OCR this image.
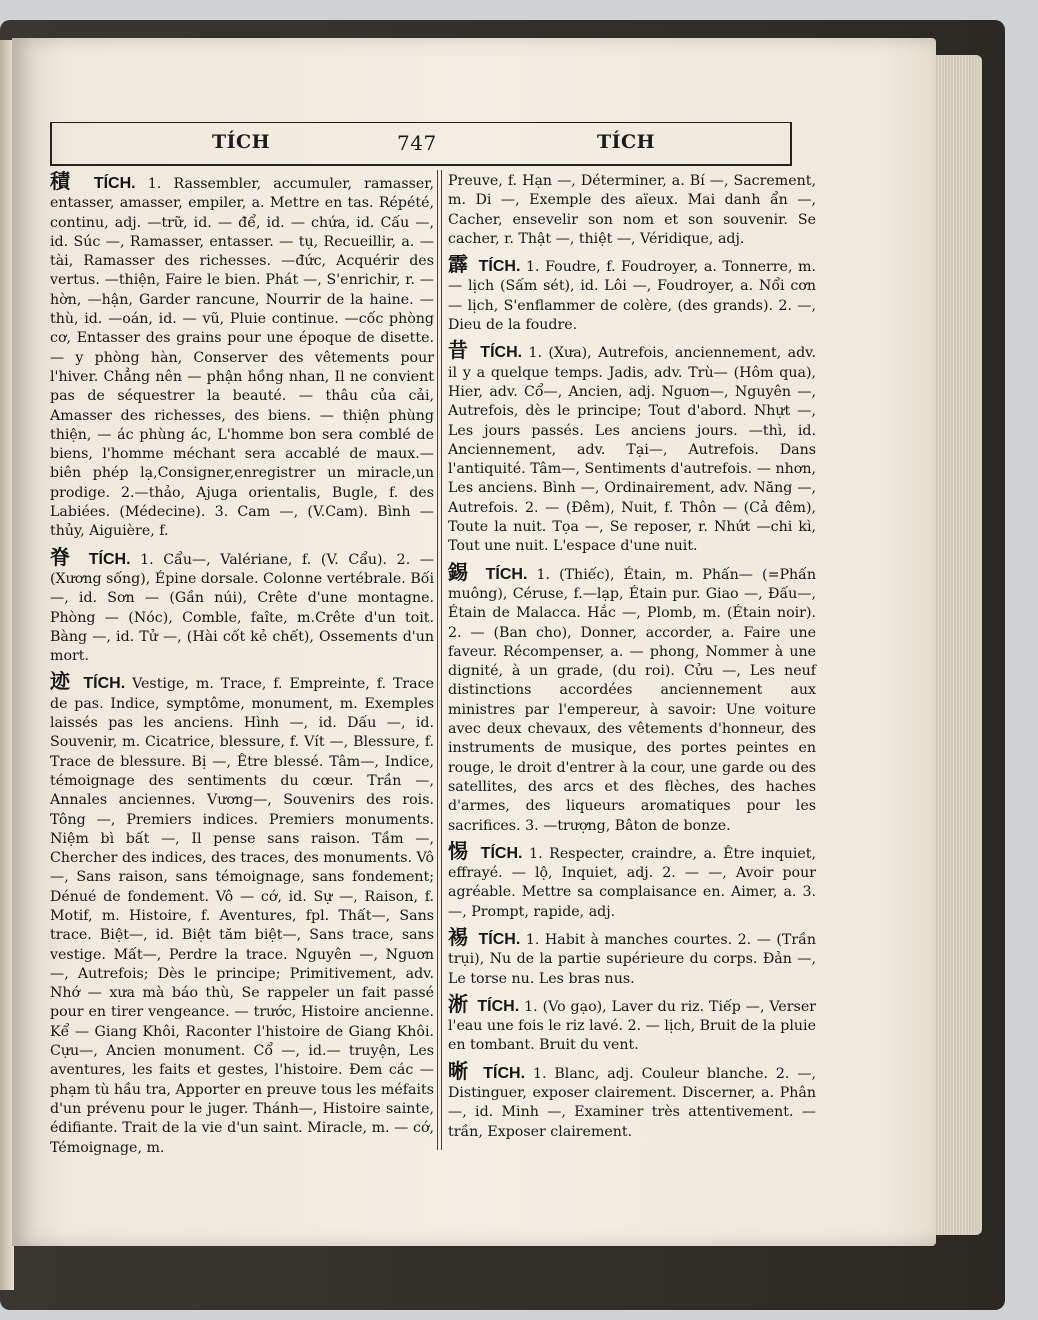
TÍCH	747	TÍCH

積 TÍCH. 1. Rassembler, accumuler, ramasser, entasser, amasser, empiler, a. Mettre en tas. Répété, continu, adj. —trữ, id. — để, id. — chứa, id. Cấu —, id. Súc —, Ramasser, entasser. — tụ, Recueillir, a. —tài, Ramasser des richesses. —đức, Acquérir des vertus. —thiện, Faire le bien. Phát —, S'enrichir, r. —hờn, —hận, Garder rancune, Nourrir de la haine. —thù, id. —oán, id. — vũ, Pluie continue. —cốc phòng cơ, Entasser des grains pour une époque de disette. — y phòng hàn, Conserver des vêtements pour l'hiver. Chẳng nên — phận hồng nhan, Il ne convient pas de séquestrer la beauté. — thâu của cải, Amasser des richesses, des biens. — thiện phùng thiện, — ác phùng ác, L'homme bon sera comblé de biens, l'homme méchant sera accablé de maux.—biên phép lạ,Consigner,enregistrer un miracle,un prodige. 2.—thảo, Ajuga orientalis, Bugle, f. des Labiées. (Médecine). 3. Cam —, (V.Cam). Bình — thủy, Aiguière, f.

脊 TÍCH. 1. Cẩu—, Valériane, f. (V. Cẩu). 2. — (Xương sống), Épine dorsale. Colonne vertébrale. Bối —, id. Sơn — (Gần núi), Crête d'une montagne. Phòng — (Nóc), Comble, faîte, m.Crête d'un toit. Bàng —, id. Tử —, (Hài cốt kẻ chết), Ossements d'un mort.

迹 TÍCH. Vestige, m. Trace, f. Empreinte, f. Trace de pas. Indice, symptôme, monument, m. Exemples laissés pas les anciens. Hình —, id. Dấu —, id. Souvenir, m. Cicatrice, blessure, f. Vít —, Blessure, f. Trace de blessure. Bị —, Être blessé. Tâm—, Indice, témoignage des sentiments du cœur. Trần —, Annales anciennes. Vương—, Souvenirs des rois. Tông —, Premiers indices. Premiers monuments. Niệm bì bất —, Il pense sans raison. Tầm —, Chercher des indices, des traces, des monuments. Vô —, Sans raison, sans témoignage, sans fondement; Dénué de fondement. Vô — cớ, id. Sự —, Raison, f. Motif, m. Histoire, f. Aventures, fpl. Thất—, Sans trace. Biệt—, id. Biệt tăm biệt—, Sans trace, sans vestige. Mất—, Perdre la trace. Nguyên —, Nguơn —, Autrefois; Dès le principe; Primitivement, adv. Nhớ — xưa mà báo thù, Se rappeler un fait passé pour en tirer vengeance. — trước, Histoire ancienne. Kể — Giang Khôi, Raconter l'histoire de Giang Khôi. Cựu—, Ancien monument. Cổ —, id.— truyện, Les aventures, les faits et gestes, l'histoire. Đem các — phạm tù hầu tra, Apporter en preuve tous les méfaits d'un prévenu pour le juger. Thánh—, Histoire sainte, édifiante. Trait de la vie d'un saint. Miracle, m. — cớ, Témoignage, m.

Preuve, f. Hạn —, Déterminer, a. Bí —, Sacrement, m. Di —, Exemple des aïeux. Mai danh ẩn —, Cacher, ensevelir son nom et son souvenir. Se cacher, r. Thật —, thiệt —, Véridique, adj.

霹 TÍCH. 1. Foudre, f. Foudroyer, a. Tonnerre, m. — lịch (Sấm sét), id. Lôi —, Foudroyer, a. Nổi cơn — lịch, S'enflammer de colère, (des grands). 2. —, Dieu de la foudre.

昔 TÍCH. 1. (Xưa), Autrefois, anciennement, adv. il y a quelque temps. Jadis, adv. Trù— (Hôm qua), Hier, adv. Cổ—, Ancien, adj. Nguơn—, Nguyên —, Autrefois, dès le principe; Tout d'abord. Nhựt —, Les jours passés. Les anciens jours. —thì, id. Anciennement, adv. Tại—, Autrefois. Dans l'antiquité. Tâm—, Sentiments d'autrefois. — nhơn, Les anciens. Bình —, Ordinairement, adv. Năng —, Autrefois. 2. — (Đêm), Nuit, f. Thôn — (Cả đêm), Toute la nuit. Tọa —, Se reposer, r. Nhứt —chi kì, Tout une nuit. L'espace d'une nuit.

錫 TÍCH. 1. (Thiếc), Étain, m. Phấn— (=Phấn muông), Céruse, f.—lạp, Étain pur. Giao —, Đấu—, Étain de Malacca. Hắc —, Plomb, m. (Étain noir). 2. — (Ban cho), Donner, accorder, a. Faire une faveur. Récompenser, a. — phong, Nommer à une dignité, à un grade, (du roi). Cửu —, Les neuf distinctions accordées anciennement aux ministres par l'empereur, à savoir: Une voiture avec deux chevaux, des vêtements d'honneur, des instruments de musique, des portes peintes en rouge, le droit d'entrer à la cour, une garde ou des satellites, des arcs et des flèches, des haches d'armes, des liqueurs aromatiques pour les sacrifices. 3. —trượng, Bâton de bonze.

惕 TÍCH. 1. Respecter, craindre, a. Être inquiet, effrayé. — lộ, Inquiet, adj. 2. — —, Avoir pour agréable. Mettre sa complaisance en. Aimer, a. 3. —, Prompt, rapide, adj.

裼 TÍCH. 1. Habit à manches courtes. 2. — (Trần trụi), Nu de la partie supérieure du corps. Đản —, Le torse nu. Les bras nus.

淅 TÍCH. 1. (Vo gạo), Laver du riz. Tiếp —, Verser l'eau une fois le riz lavé. 2. — lịch, Bruit de la pluie en tombant. Bruit du vent.

晰 TÍCH. 1. Blanc, adj. Couleur blanche. 2. —, Distinguer, exposer clairement. Discerner, a. Phân —, id. Minh —, Examiner très attentivement. — trần, Exposer clairement.
